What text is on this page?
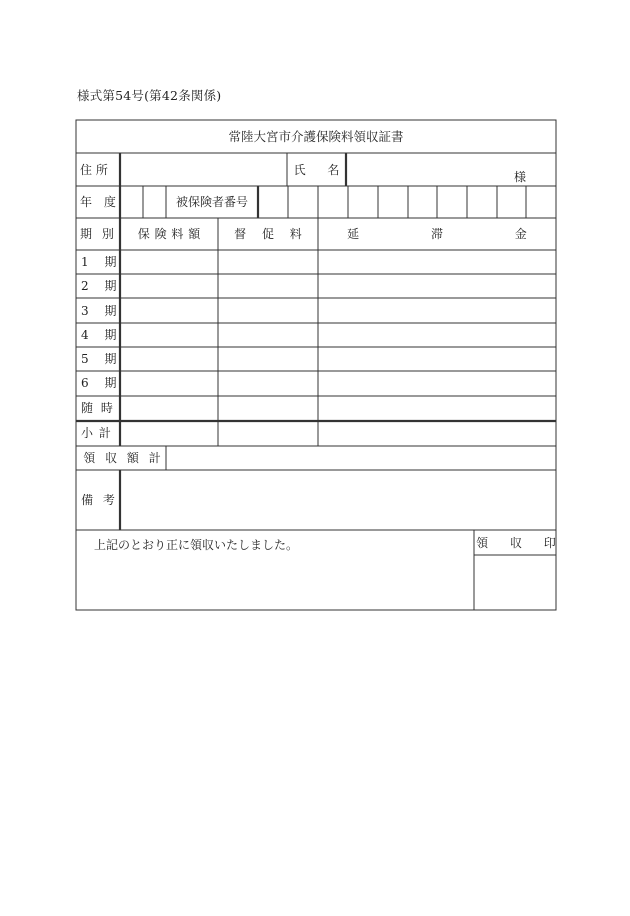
様式第54号(第42条関係)
常陸大宮市介護保険料領収証書
住 所	氏 名	様
年 度	被保険者番号
期 別	保 険 料 額	督 促 料	延 滞 金
1 期
2 期
3 期
4 期
5 期
6 期
随 時
小 計
領 収 額 計
備 考
上記のとおり正に領収いたしました。	領 収 印
